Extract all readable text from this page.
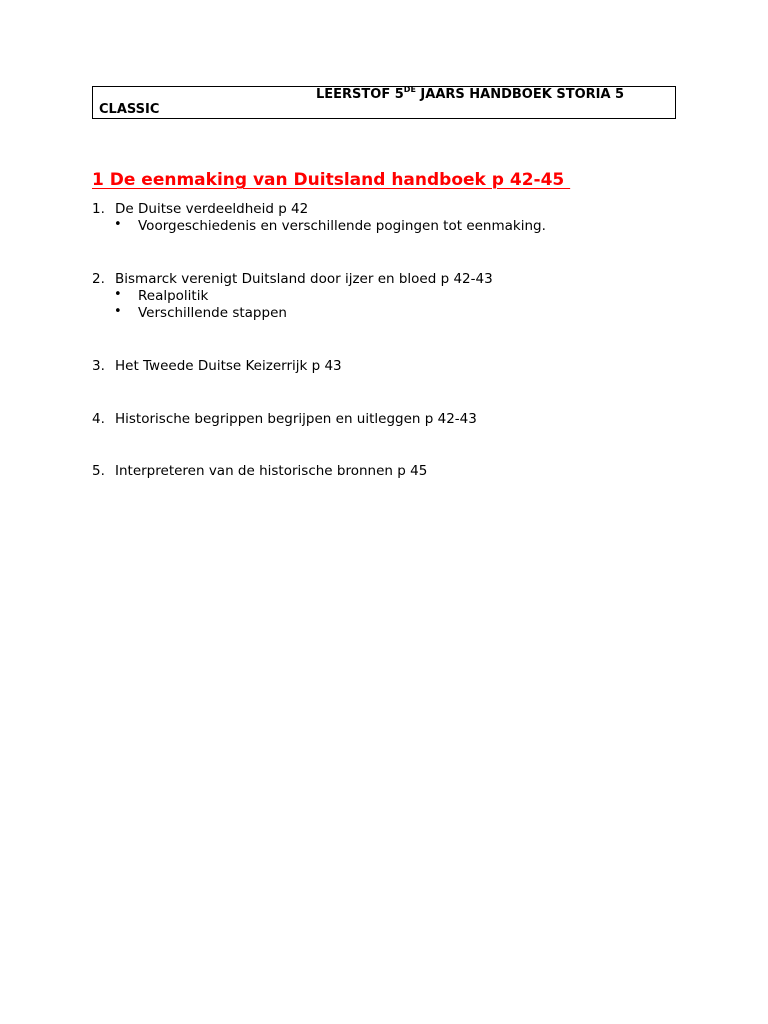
LEERSTOF 5DE JAARS HANDBOEK STORIA 5
CLASSIC
1 De eenmaking van Duitsland handboek p 42-45
1. De Duitse verdeeldheid p 42
• Voorgeschiedenis en verschillende pogingen tot eenmaking.
2. Bismarck verenigt Duitsland door ijzer en bloed p 42-43
• Realpolitik
• Verschillende stappen
3. Het Tweede Duitse Keizerrijk p 43
4. Historische begrippen begrijpen en uitleggen p 42-43
5. Interpreteren van de historische bronnen p 45
